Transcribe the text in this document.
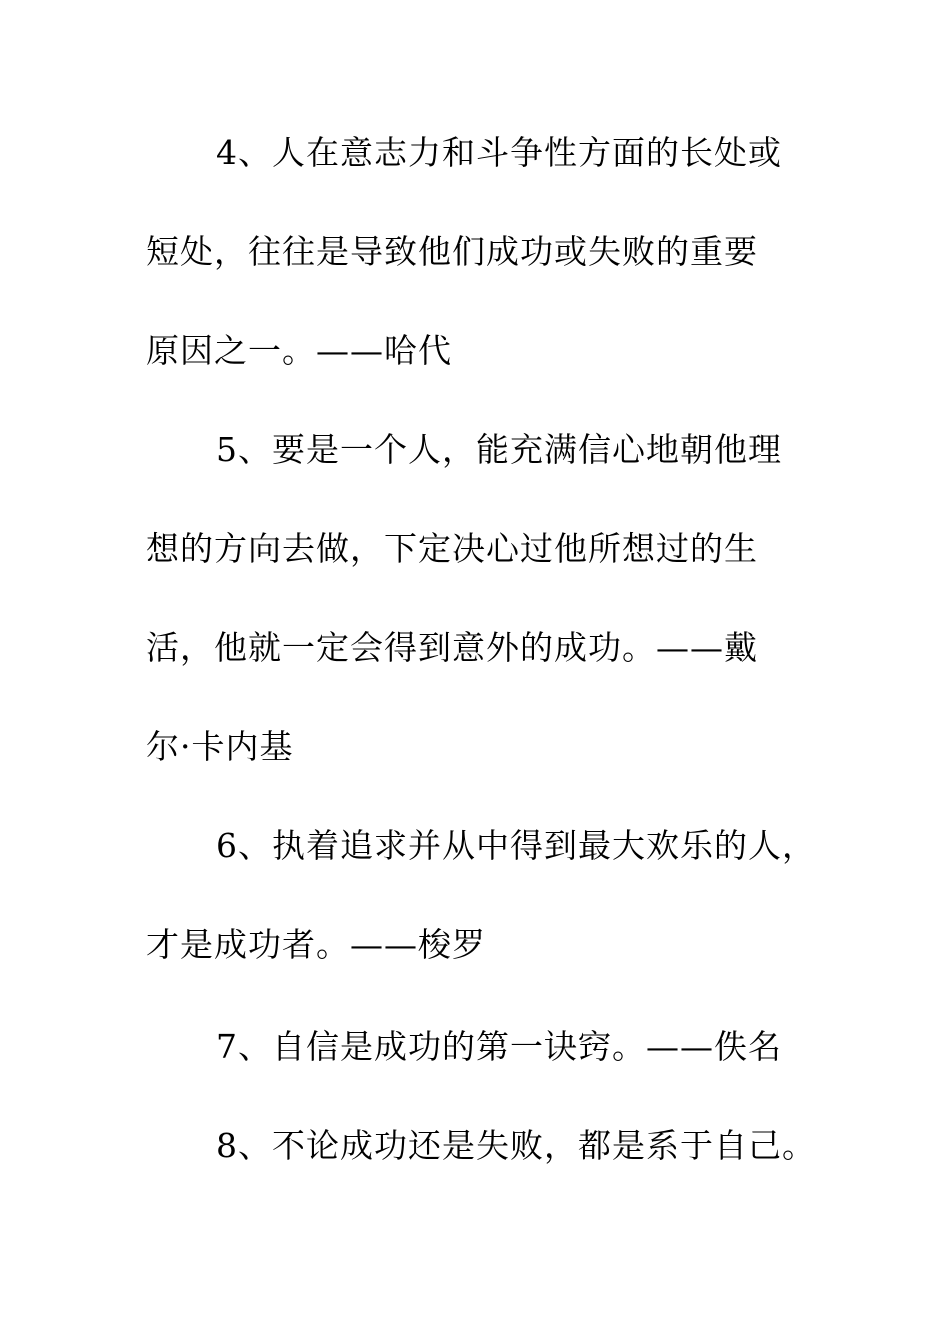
4、人在意志力和斗争性方面的长处或
短处，往往是导致他们成功或失败的重要
原因之一。——哈代
5、要是一个人，能充满信心地朝他理
想的方向去做，下定决心过他所想过的生
活，他就一定会得到意外的成功。——戴
尔·卡内基
6、执着追求并从中得到最大欢乐的人，
才是成功者。——梭罗
7、自信是成功的第一诀窍。——佚名
8、不论成功还是失败，都是系于自己。
